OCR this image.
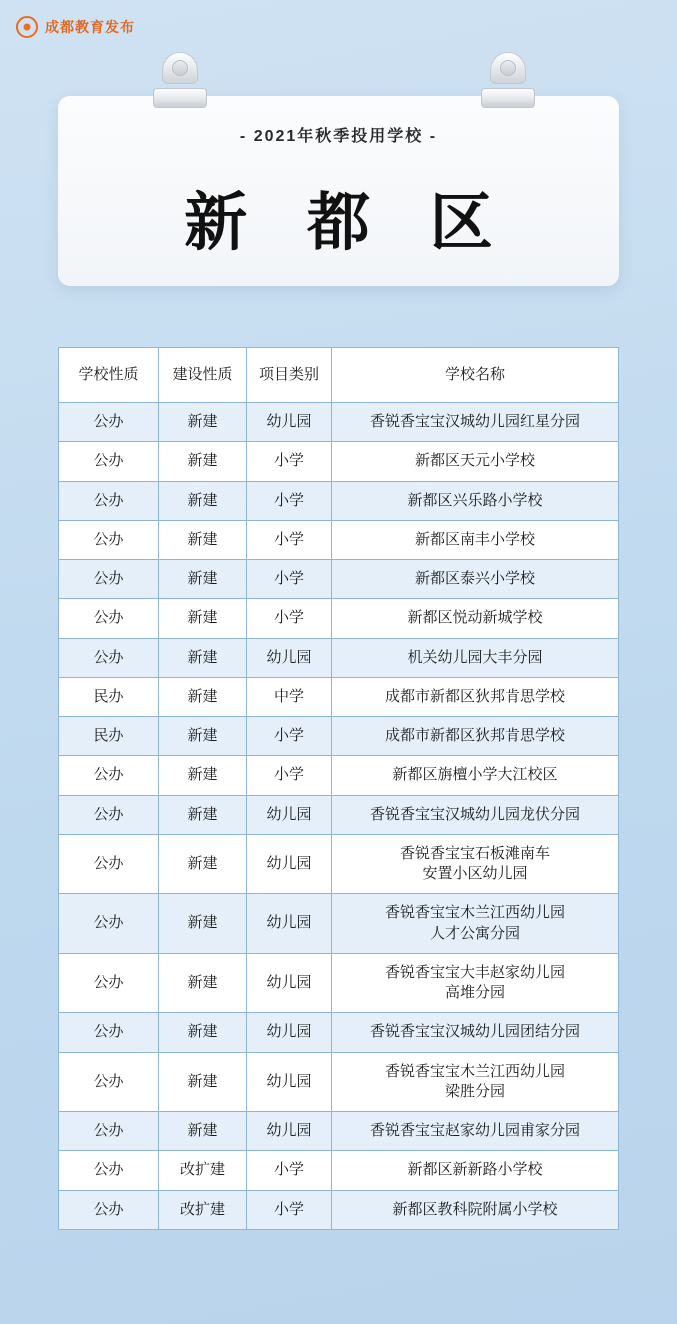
成都教育发布
- 2021年秋季投用学校 -
新 都 区
学校性质	建设性质	项目类别	学校名称
公办	新建	幼儿园	香锐香宝宝汉城幼儿园红星分园
公办	新建	小学	新都区天元小学校
公办	新建	小学	新都区兴乐路小学校
公办	新建	小学	新都区南丰小学校
公办	新建	小学	新都区泰兴小学校
公办	新建	小学	新都区悦动新城学校
公办	新建	幼儿园	机关幼儿园大丰分园
民办	新建	中学	成都市新都区狄邦肯思学校
民办	新建	小学	成都市新都区狄邦肯思学校
公办	新建	小学	新都区旃檀小学大江校区
公办	新建	幼儿园	香锐香宝宝汉城幼儿园龙伏分园
公办	新建	幼儿园	香锐香宝宝石板滩南车
安置小区幼儿园
公办	新建	幼儿园	香锐香宝宝木兰江西幼儿园
人才公寓分园
公办	新建	幼儿园	香锐香宝宝大丰赵家幼儿园
高堆分园
公办	新建	幼儿园	香锐香宝宝汉城幼儿园团结分园
公办	新建	幼儿园	香锐香宝宝木兰江西幼儿园
梁胜分园
公办	新建	幼儿园	香锐香宝宝赵家幼儿园甫家分园
公办	改扩建	小学	新都区新新路小学校
公办	改扩建	小学	新都区教科院附属小学校
